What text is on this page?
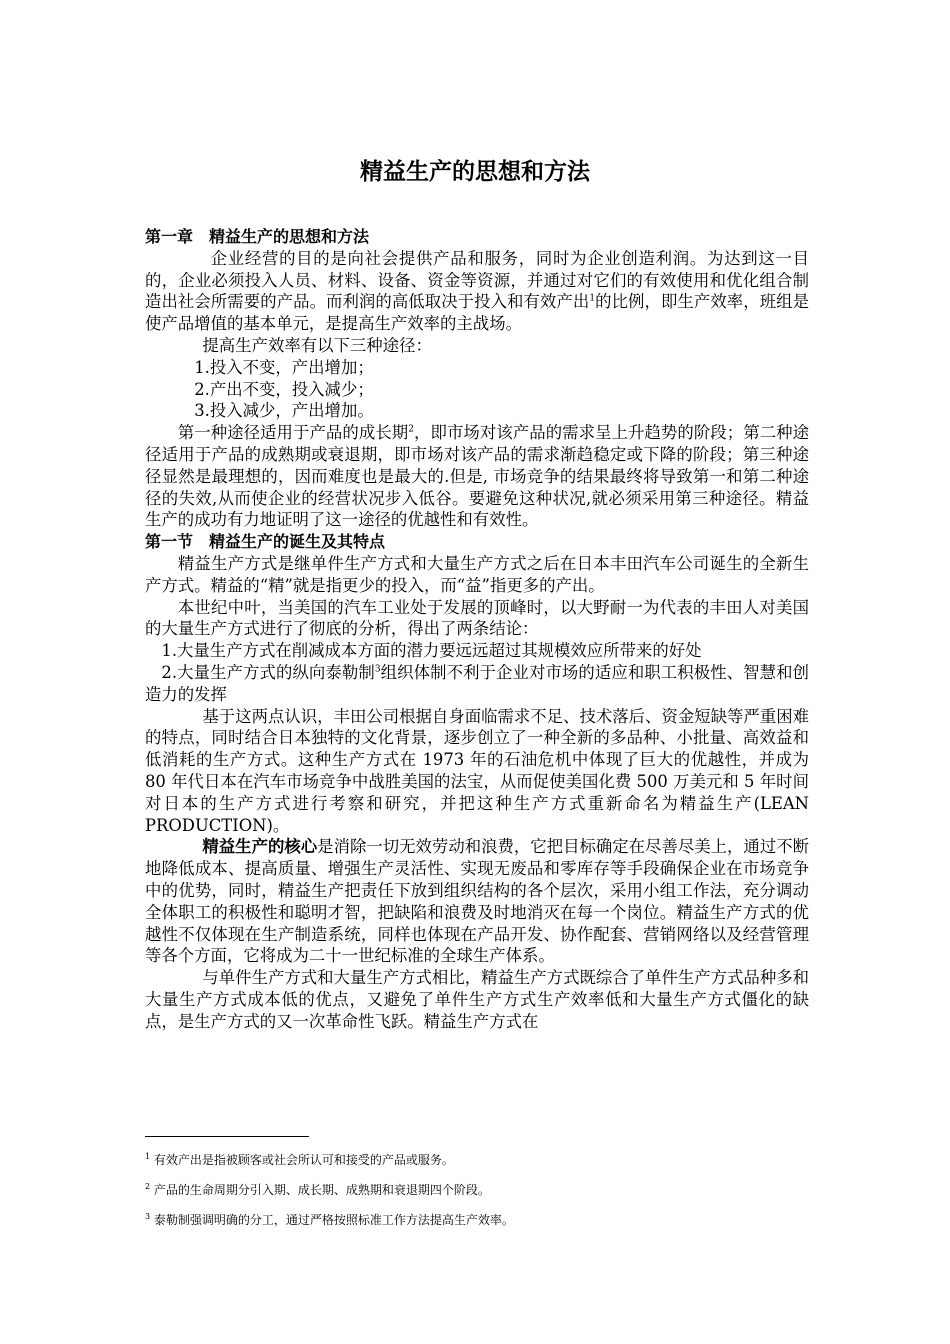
精益生产的思想和方法

第一章　精益生产的思想和方法

企业经营的目的是向社会提供产品和服务，同时为企业创造利润。为达到这一目的，企业必须投入人员、材料、设备、资金等资源，并通过对它们的有效使用和优化组合制造出社会所需要的产品。而利润的高低取决于投入和有效产出$^1$的比例，即生产效率，班组是使产品增值的基本单元，是提高生产效率的主战场。

提高生产效率有以下三种途径：

1.投入不变，产出增加；

2.产出不变，投入减少；

3.投入减少，产出增加。

第一种途径适用于产品的成长期$^2$，即市场对该产品的需求呈上升趋势的阶段；第二种途径适用于产品的成熟期或衰退期，即市场对该产品的需求渐趋稳定或下降的阶段；第三种途径显然是最理想的，因而难度也是最大的.但是, 市场竞争的结果最终将导致第一和第二种途径的失效,从而使企业的经营状况步入低谷。要避免这种状况,就必须采用第三种途径。精益生产的成功有力地证明了这一途径的优越性和有效性。

第一节　精益生产的诞生及其特点

精益生产方式是继单件生产方式和大量生产方式之后在日本丰田汽车公司诞生的全新生产方式。精益的“精”就是指更少的投入，而“益”指更多的产出。

本世纪中叶，当美国的汽车工业处于发展的顶峰时，以大野耐一为代表的丰田人对美国的大量生产方式进行了彻底的分析，得出了两条结论：

1.大量生产方式在削减成本方面的潜力要远远超过其规模效应所带来的好处

2.大量生产方式的纵向泰勒制$^3$组织体制不利于企业对市场的适应和职工积极性、智慧和创造力的发挥

基于这两点认识，丰田公司根据自身面临需求不足、技术落后、资金短缺等严重困难的特点，同时结合日本独特的文化背景，逐步创立了一种全新的多品种、小批量、高效益和低消耗的生产方式。这种生产方式在 1973 年的石油危机中体现了巨大的优越性，并成为 80 年代日本在汽车市场竞争中战胜美国的法宝，从而促使美国化费 500 万美元和 5 年时间对日本的生产方式进行考察和研究，并把这种生产方式重新命名为精益生产(LEAN PRODUCTION)。

精益生产的核心是消除一切无效劳动和浪费，它把目标确定在尽善尽美上，通过不断地降低成本、提高质量、增强生产灵活性、实现无废品和零库存等手段确保企业在市场竞争中的优势，同时，精益生产把责任下放到组织结构的各个层次，采用小组工作法，充分调动全体职工的积极性和聪明才智，把缺陷和浪费及时地消灭在每一个岗位。精益生产方式的优越性不仅体现在生产制造系统，同样也体现在产品开发、协作配套、营销网络以及经营管理等各个方面，它将成为二十一世纪标准的全球生产体系。

与单件生产方式和大量生产方式相比，精益生产方式既综合了单件生产方式品种多和大量生产方式成本低的优点，又避免了单件生产方式生产效率低和大量生产方式僵化的缺点，是生产方式的又一次革命性飞跃。精益生产方式在

$^1$ 有效产出是指被顾客或社会所认可和接受的产品或服务。

$^2$ 产品的生命周期分引入期、成长期、成熟期和衰退期四个阶段。

$^3$ 泰勒制强调明确的分工，通过严格按照标准工作方法提高生产效率。
